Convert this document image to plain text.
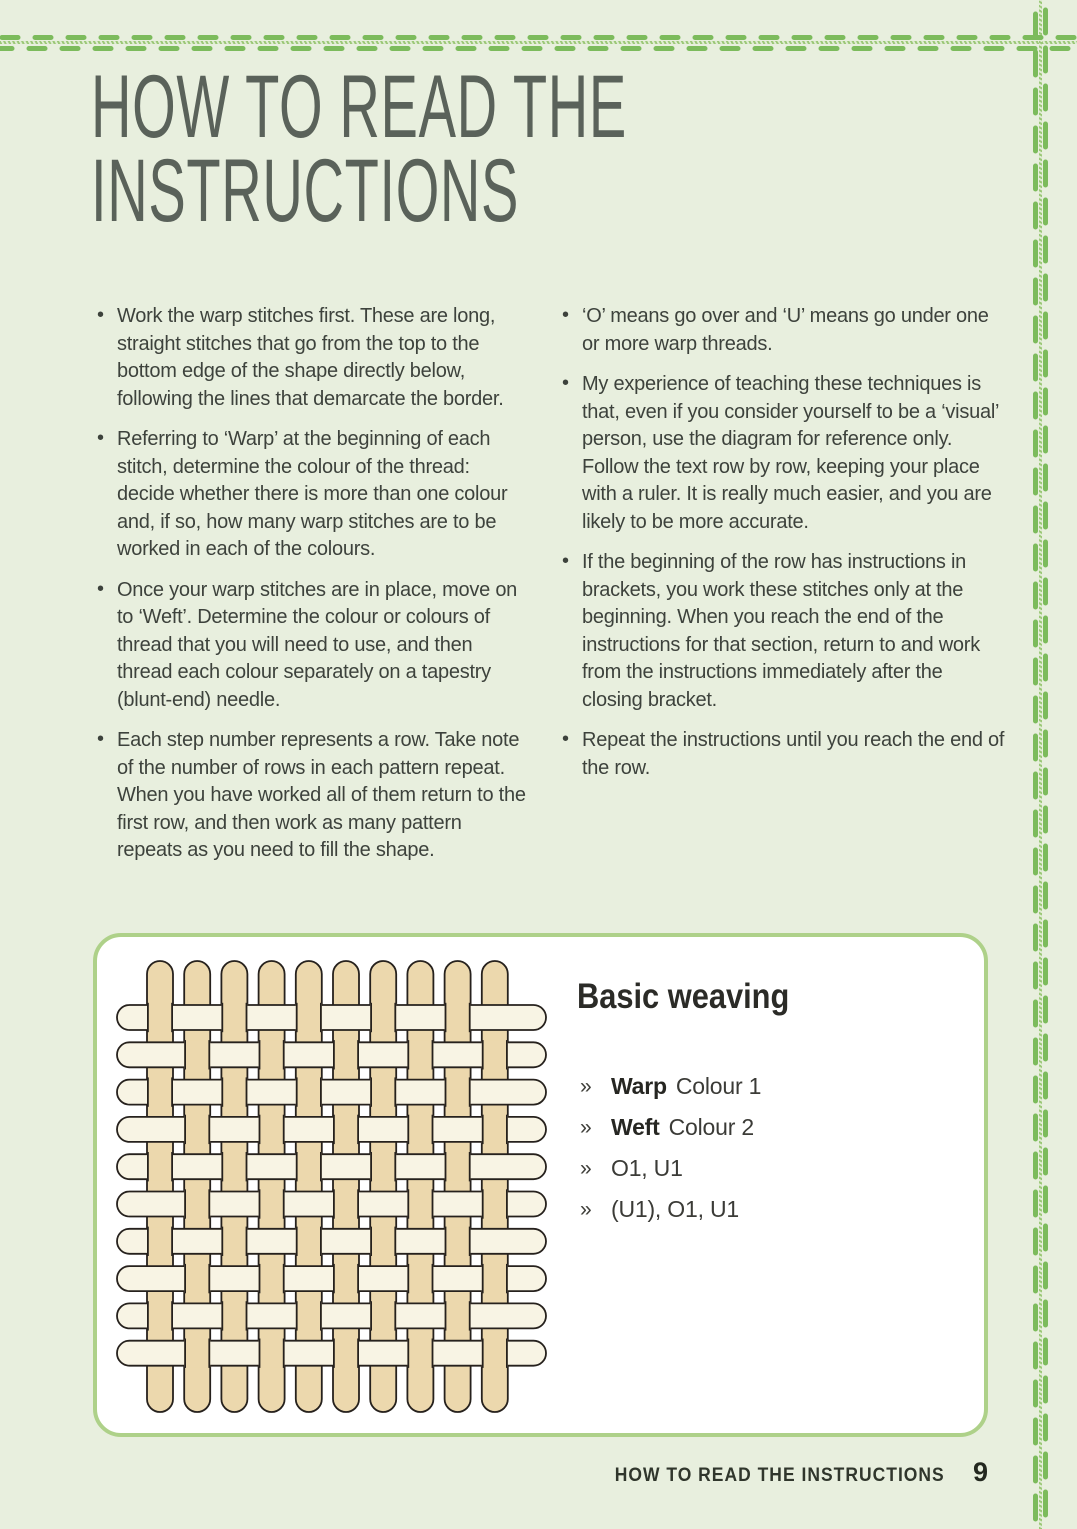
HOW TO READ THE
INSTRUCTIONS
• Work the warp stitches first. These are long, straight stitches that go from the top to the bottom edge of the shape directly below, following the lines that demarcate the border.
• Referring to ‘Warp’ at the beginning of each stitch, determine the colour of the thread: decide whether there is more than one colour and, if so, how many warp stitches are to be worked in each of the colours.
• Once your warp stitches are in place, move on to ‘Weft’. Determine the colour or colours of thread that you will need to use, and then thread each colour separately on a tapestry (blunt-end) needle.
• Each step number represents a row. Take note of the number of rows in each pattern repeat. When you have worked all of them return to the first row, and then work as many pattern repeats as you need to fill the shape.
• ‘O’ means go over and ‘U’ means go under one or more warp threads.
• My experience of teaching these techniques is that, even if you consider yourself to be a ‘visual’ person, use the diagram for reference only. Follow the text row by row, keeping your place with a ruler. It is really much easier, and you are likely to be more accurate.
• If the beginning of the row has instructions in brackets, you work these stitches only at the beginning. When you reach the end of the instructions for that section, return to and work from the instructions immediately after the closing bracket.
• Repeat the instructions until you reach the end of the row.
Basic weaving
» Warp Colour 1
» Weft Colour 2
» O1, U1
» (U1), O1, U1
HOW TO READ THE INSTRUCTIONS 9
